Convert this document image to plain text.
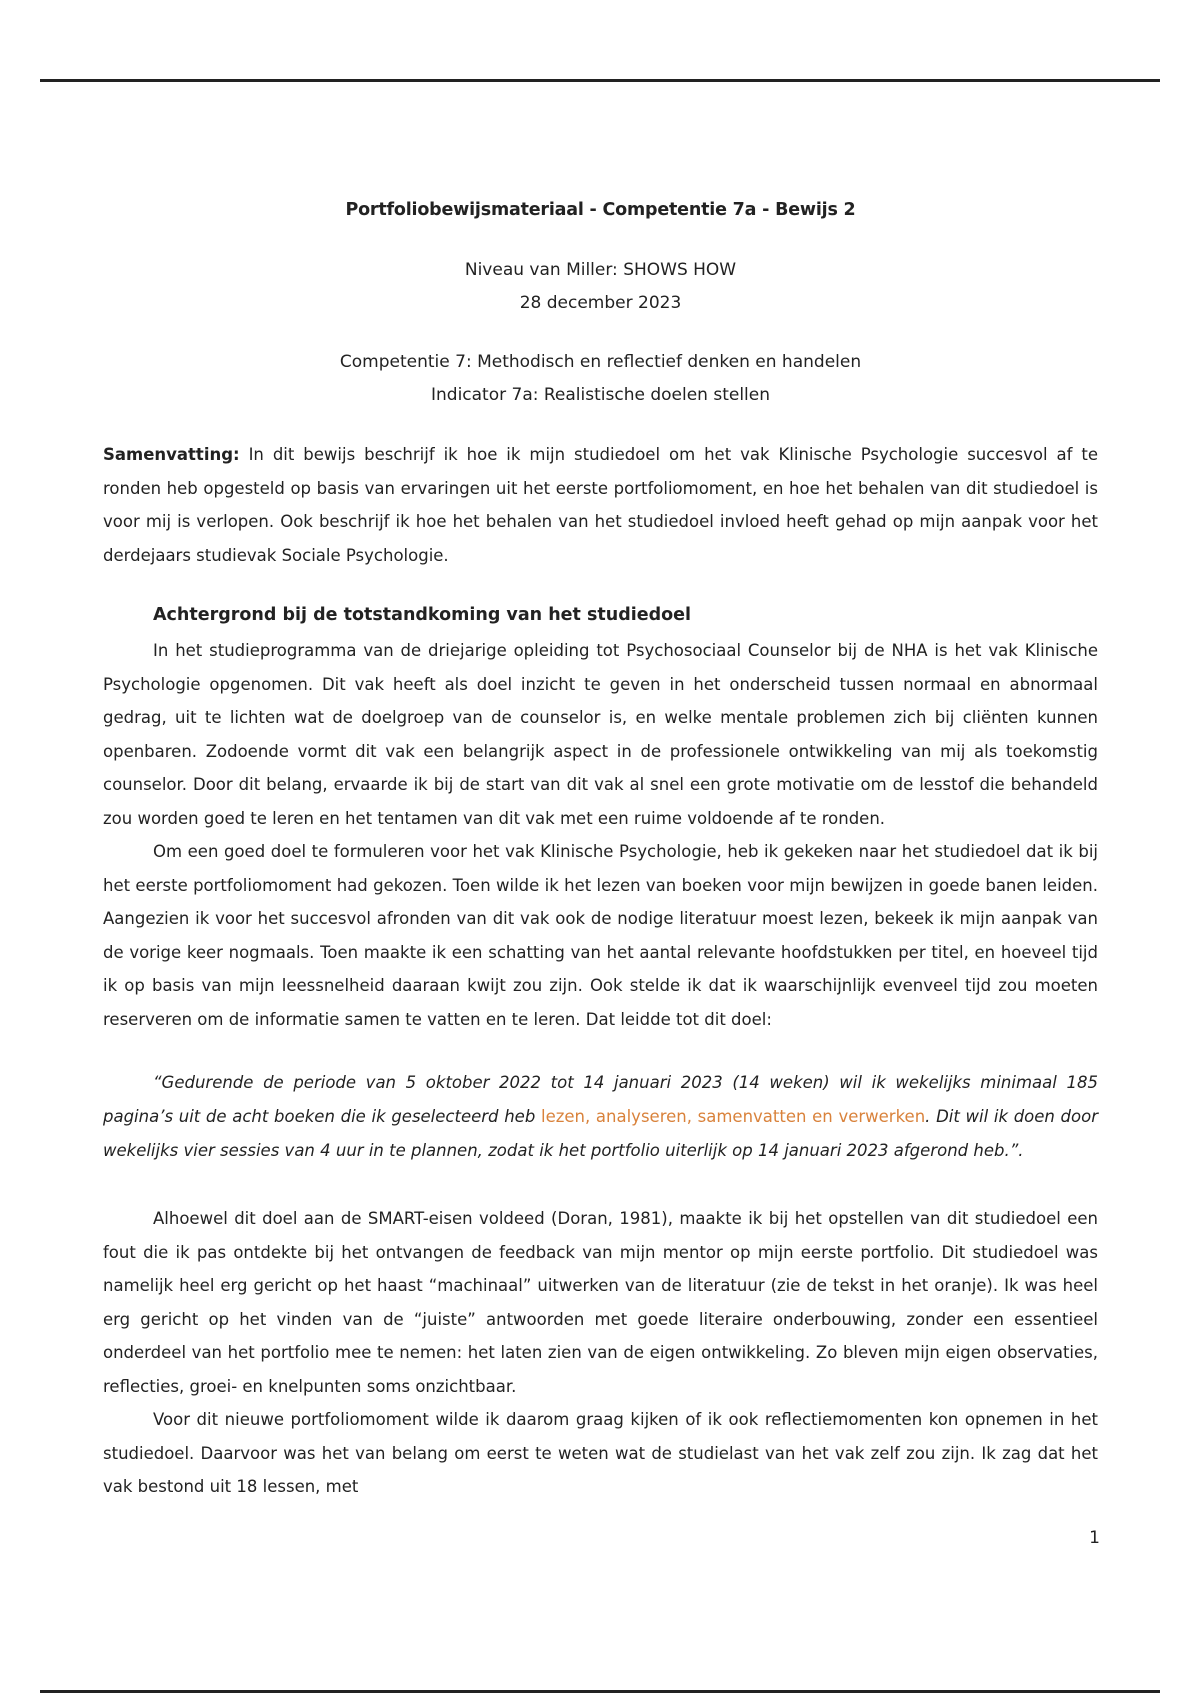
Portfoliobewijsmateriaal - Competentie 7a - Bewijs 2
Niveau van Miller: SHOWS HOW
28 december 2023
Competentie 7: Methodisch en reflectief denken en handelen
Indicator 7a: Realistische doelen stellen

Samenvatting: In dit bewijs beschrijf ik hoe ik mijn studiedoel om het vak Klinische Psychologie succesvol af te ronden heb opgesteld op basis van ervaringen uit het eerste portfoliomoment, en hoe het behalen van dit studiedoel is voor mij is verlopen. Ook beschrijf ik hoe het behalen van het studiedoel invloed heeft gehad op mijn aanpak voor het derdejaars studievak Sociale Psychologie.

Achtergrond bij de totstandkoming van het studiedoel

In het studieprogramma van de driejarige opleiding tot Psychosociaal Counselor bij de NHA is het vak Klinische Psychologie opgenomen. Dit vak heeft als doel inzicht te geven in het onderscheid tussen normaal en abnormaal gedrag, uit te lichten wat de doelgroep van de counselor is, en welke mentale problemen zich bij cliënten kunnen openbaren. Zodoende vormt dit vak een belangrijk aspect in de professionele ontwikkeling van mij als toekomstig counselor. Door dit belang, ervaarde ik bij de start van dit vak al snel een grote motivatie om de lesstof die behandeld zou worden goed te leren en het tentamen van dit vak met een ruime voldoende af te ronden.

Om een goed doel te formuleren voor het vak Klinische Psychologie, heb ik gekeken naar het studiedoel dat ik bij het eerste portfoliomoment had gekozen. Toen wilde ik het lezen van boeken voor mijn bewijzen in goede banen leiden. Aangezien ik voor het succesvol afronden van dit vak ook de nodige literatuur moest lezen, bekeek ik mijn aanpak van de vorige keer nogmaals. Toen maakte ik een schatting van het aantal relevante hoofdstukken per titel, en hoeveel tijd ik op basis van mijn leessnelheid daaraan kwijt zou zijn. Ook stelde ik dat ik waarschijnlijk evenveel tijd zou moeten reserveren om de informatie samen te vatten en te leren. Dat leidde tot dit doel:

“Gedurende de periode van 5 oktober 2022 tot 14 januari 2023 (14 weken) wil ik wekelijks minimaal 185 pagina’s uit de acht boeken die ik geselecteerd heb lezen, analyseren, samenvatten en verwerken. Dit wil ik doen door wekelijks vier sessies van 4 uur in te plannen, zodat ik het portfolio uiterlijk op 14 januari 2023 afgerond heb.”.

Alhoewel dit doel aan de SMART-eisen voldeed (Doran, 1981), maakte ik bij het opstellen van dit studiedoel een fout die ik pas ontdekte bij het ontvangen de feedback van mijn mentor op mijn eerste portfolio. Dit studiedoel was namelijk heel erg gericht op het haast “machinaal” uitwerken van de literatuur (zie de tekst in het oranje). Ik was heel erg gericht op het vinden van de “juiste” antwoorden met goede literaire onderbouwing, zonder een essentieel onderdeel van het portfolio mee te nemen: het laten zien van de eigen ontwikkeling. Zo bleven mijn eigen observaties, reflecties, groei- en knelpunten soms onzichtbaar.

Voor dit nieuwe portfoliomoment wilde ik daarom graag kijken of ik ook reflectiemomenten kon opnemen in het studiedoel. Daarvoor was het van belang om eerst te weten wat de studielast van het vak zelf zou zijn. Ik zag dat het vak bestond uit 18 lessen, met

1
